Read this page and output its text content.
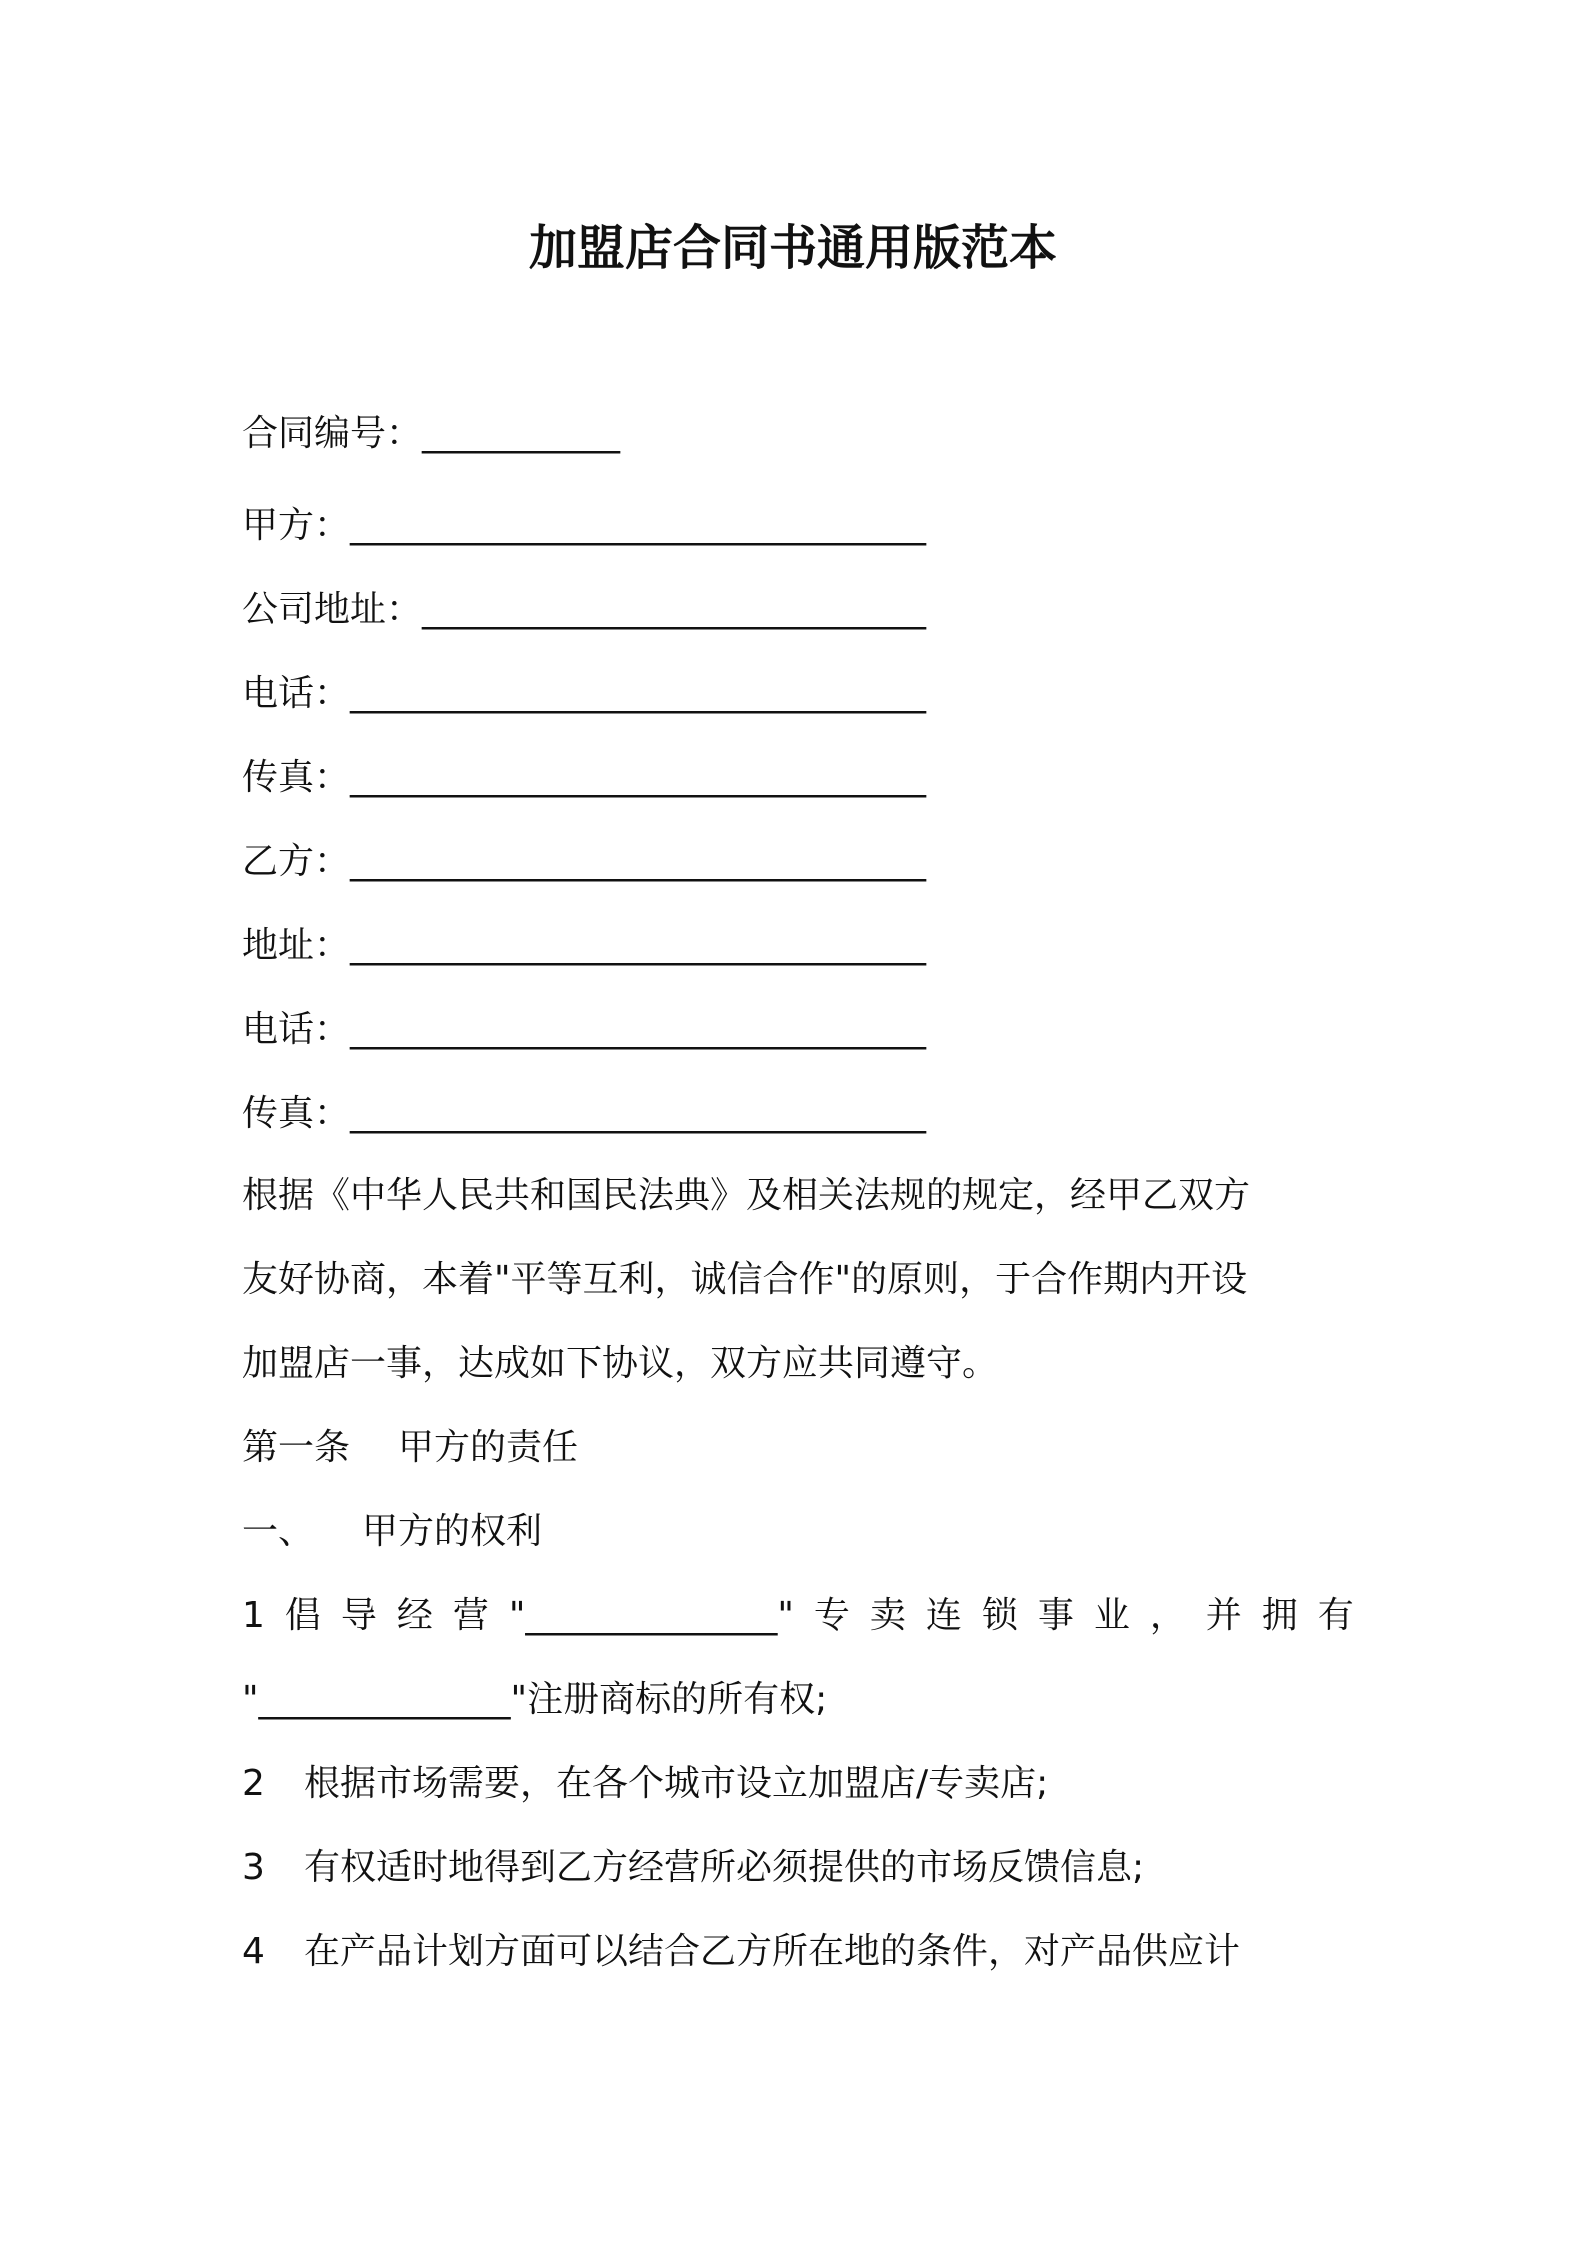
加盟店合同书通用版范本
合同编号：___________
甲方：________________________________
公司地址：____________________________
电话：________________________________
传真：________________________________
乙方：________________________________
地址：________________________________
电话：________________________________
传真：________________________________
根据《中华人民共和国民法典》及相关法规的规定，经甲乙双方
友好协商，本着"平等互利，诚信合作"的原则，于合作期内开设
加盟店一事，达成如下协议，双方应共同遵守。
第一条 甲方的责任
一、 甲方的权利
1 倡 导 经 营 "______________" 专 卖 连 锁 事 业 ， 并 拥 有
"______________"注册商标的所有权;
2 根据市场需要，在各个城市设立加盟店/专卖店;
3 有权适时地得到乙方经营所必须提供的市场反馈信息;
4 在产品计划方面可以结合乙方所在地的条件，对产品供应计
